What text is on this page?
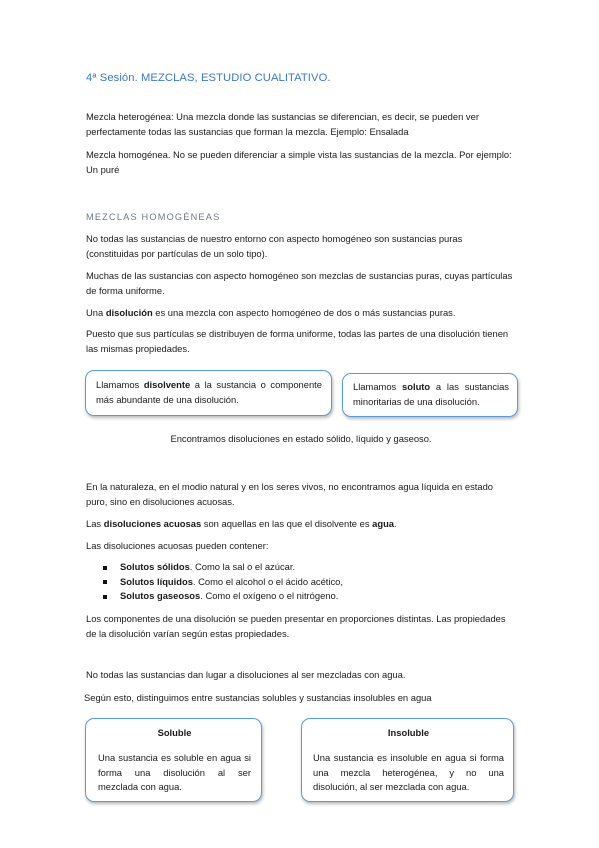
4ª Sesión. MEZCLAS, ESTUDIO CUALITATIVO.

Mezcla heterogénea: Una mezcla donde las sustancias se diferencian, es decir, se pueden ver perfectamente todas las sustancias que forman la mezcla. Ejemplo: Ensalada

Mezcla homogénea. No se pueden diferenciar a simple vista las sustancias de la mezcla. Por ejemplo: Un puré

MEZCLAS HOMOGÉNEAS

No todas las sustancias de nuestro entorno con aspecto homogéneo son sustancias puras (constituidas por partículas de un solo tipo).

Muchas de las sustancias con aspecto homogéneo son mezclas de sustancias puras, cuyas partículas de forma uniforme.

Una disolución es una mezcla con aspecto homogéneo de dos o más sustancias puras.

Puesto que sus partículas se distribuyen de forma uniforme, todas las partes de una disolución tienen las mismas propiedades.

Llamamos disolvente a la sustancia o componente más abundante de una disolución.

Llamamos soluto a las sustancias minoritarias de una disolución.

Encontramos disoluciones en estado sólido, líquido y gaseoso.

En la naturaleza, en el modio natural y en los seres vivos, no encontramos agua líquida en estado puro, sino en disoluciones acuosas.

Las disoluciones acuosas son aquellas en las que el disolvente es agua.

Las disoluciones acuosas pueden contener:

Solutos sólidos. Como la sal o el azúcar.
Solutos líquidos. Como el alcohol o el ácido acético,
Solutos gaseosos. Como el oxígeno o el nitrógeno.

Los componentes de una disolución se pueden presentar en proporciones distintas. Las propiedades de la disolución varían según estas propiedades.

No todas las sustancias dan lugar a disoluciones al ser mezcladas con agua.

Según esto, distinguimos entre sustancias solubles y sustancias insolubles en agua

Soluble

Una sustancia es soluble en agua si forma una disolución al ser mezclada con agua.

Insoluble

Una sustancia es insoluble en agua si forma una mezcla heterogénea, y no una disolución, al ser mezclada con agua.
